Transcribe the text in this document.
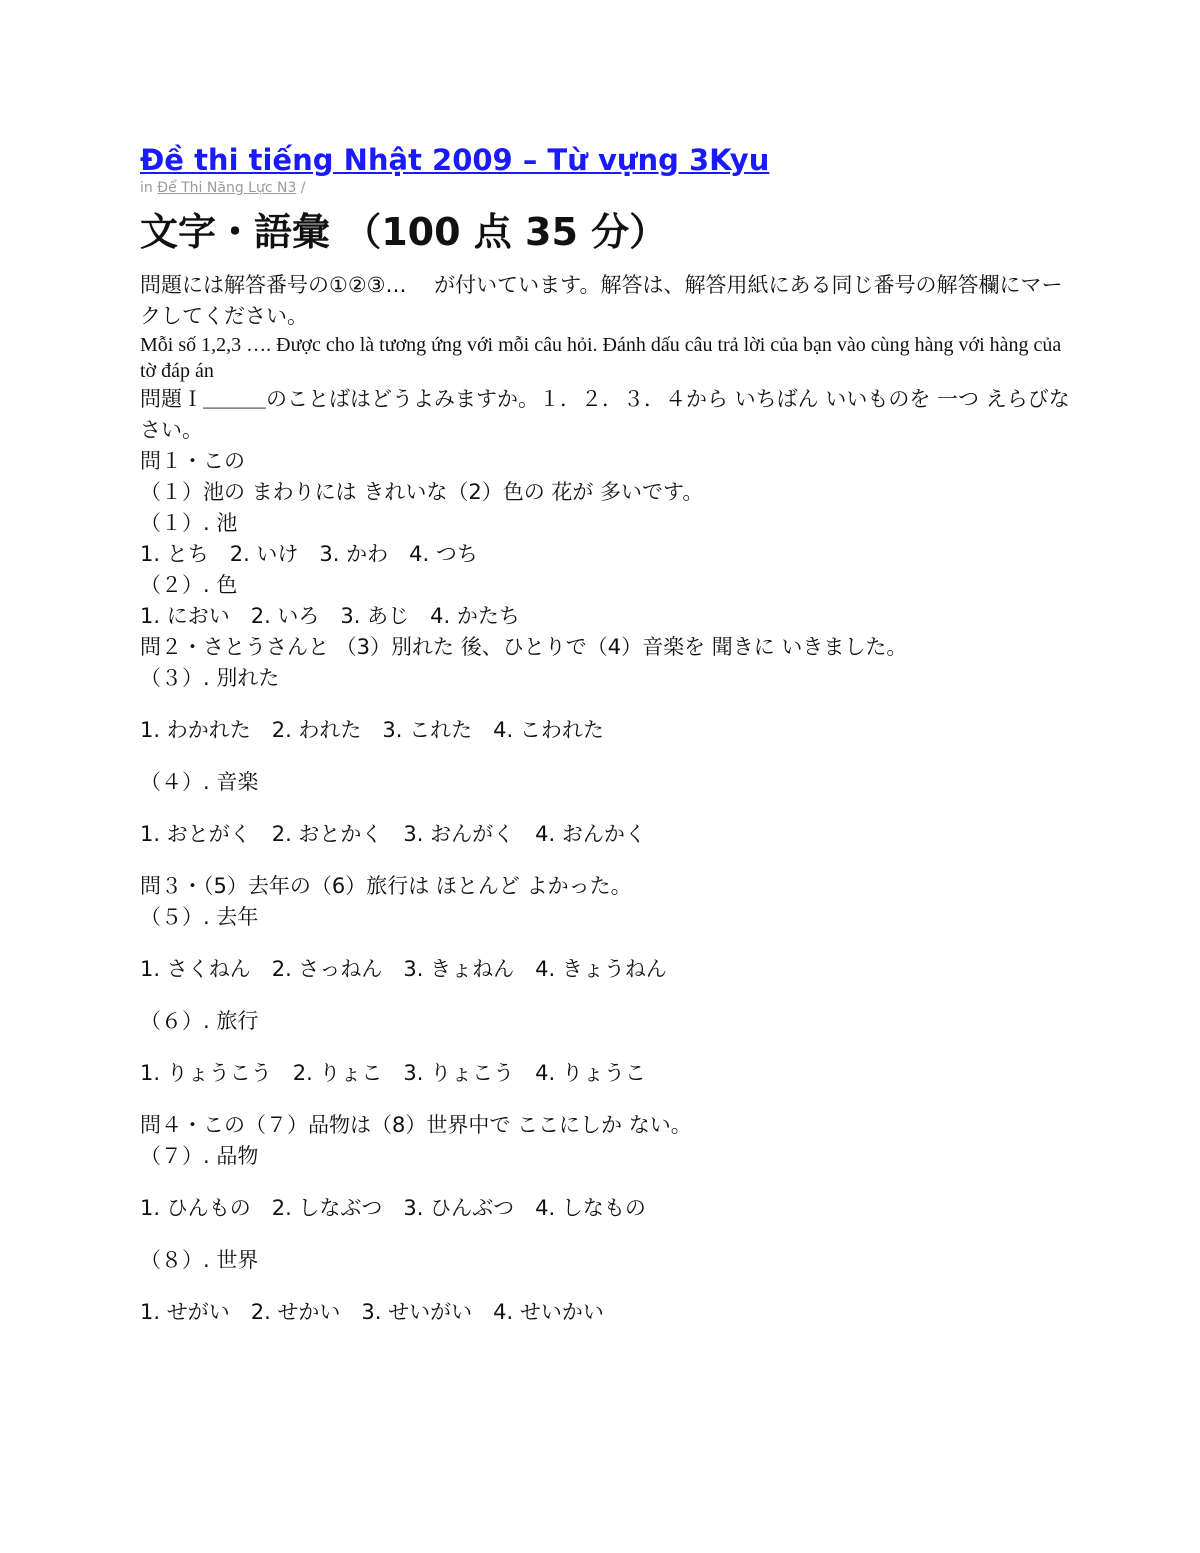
Đề thi tiếng Nhật 2009 – Từ vựng 3Kyu
in Để Thi Năng Lực N3 /
文字・語彙 （100 点 35 分）
問題には解答番号の①②③…　 が付いています。解答は、解答用紙にある同じ番号の解答欄にマークしてください。
Mỗi số 1,2,3 …. Được cho là tương ứng với mỗi câu hỏi. Đánh dấu câu trả lời của bạn vào cùng hàng với hàng của tờ đáp án
問題Ｉ＿＿＿のことばはどうよみますか。１．２．３．４から いちばん いいものを 一つ えらびなさい。
問１・この
（１）池の まわりには きれいな（2）色の 花が 多いです。
（１）. 池
1. とち　2. いけ　3. かわ　4. つち
（２）. 色
1. におい　2. いろ　3. あじ　4. かたち
問２・さとうさんと （3）別れた 後、ひとりで（4）音楽を 聞きに いきました。
（３）. 別れた
1. わかれた　2. われた　3. これた　4. こわれた
（４）. 音楽
1. おとがく　2. おとかく　3. おんがく　4. おんかく
問３・（5）去年の（6）旅行は ほとんど よかった。
（５）. 去年
1. さくねん　2. さっねん　3. きょねん　4. きょうねん
（６）. 旅行
1. りょうこう　2. りょこ　3. りょこう　4. りょうこ
問４・この（７）品物は（8）世界中で ここにしか ない。
（７）. 品物
1. ひんもの　2. しなぶつ　3. ひんぶつ　4. しなもの
（８）. 世界
1. せがい　2. せかい　3. せいがい　4. せいかい
